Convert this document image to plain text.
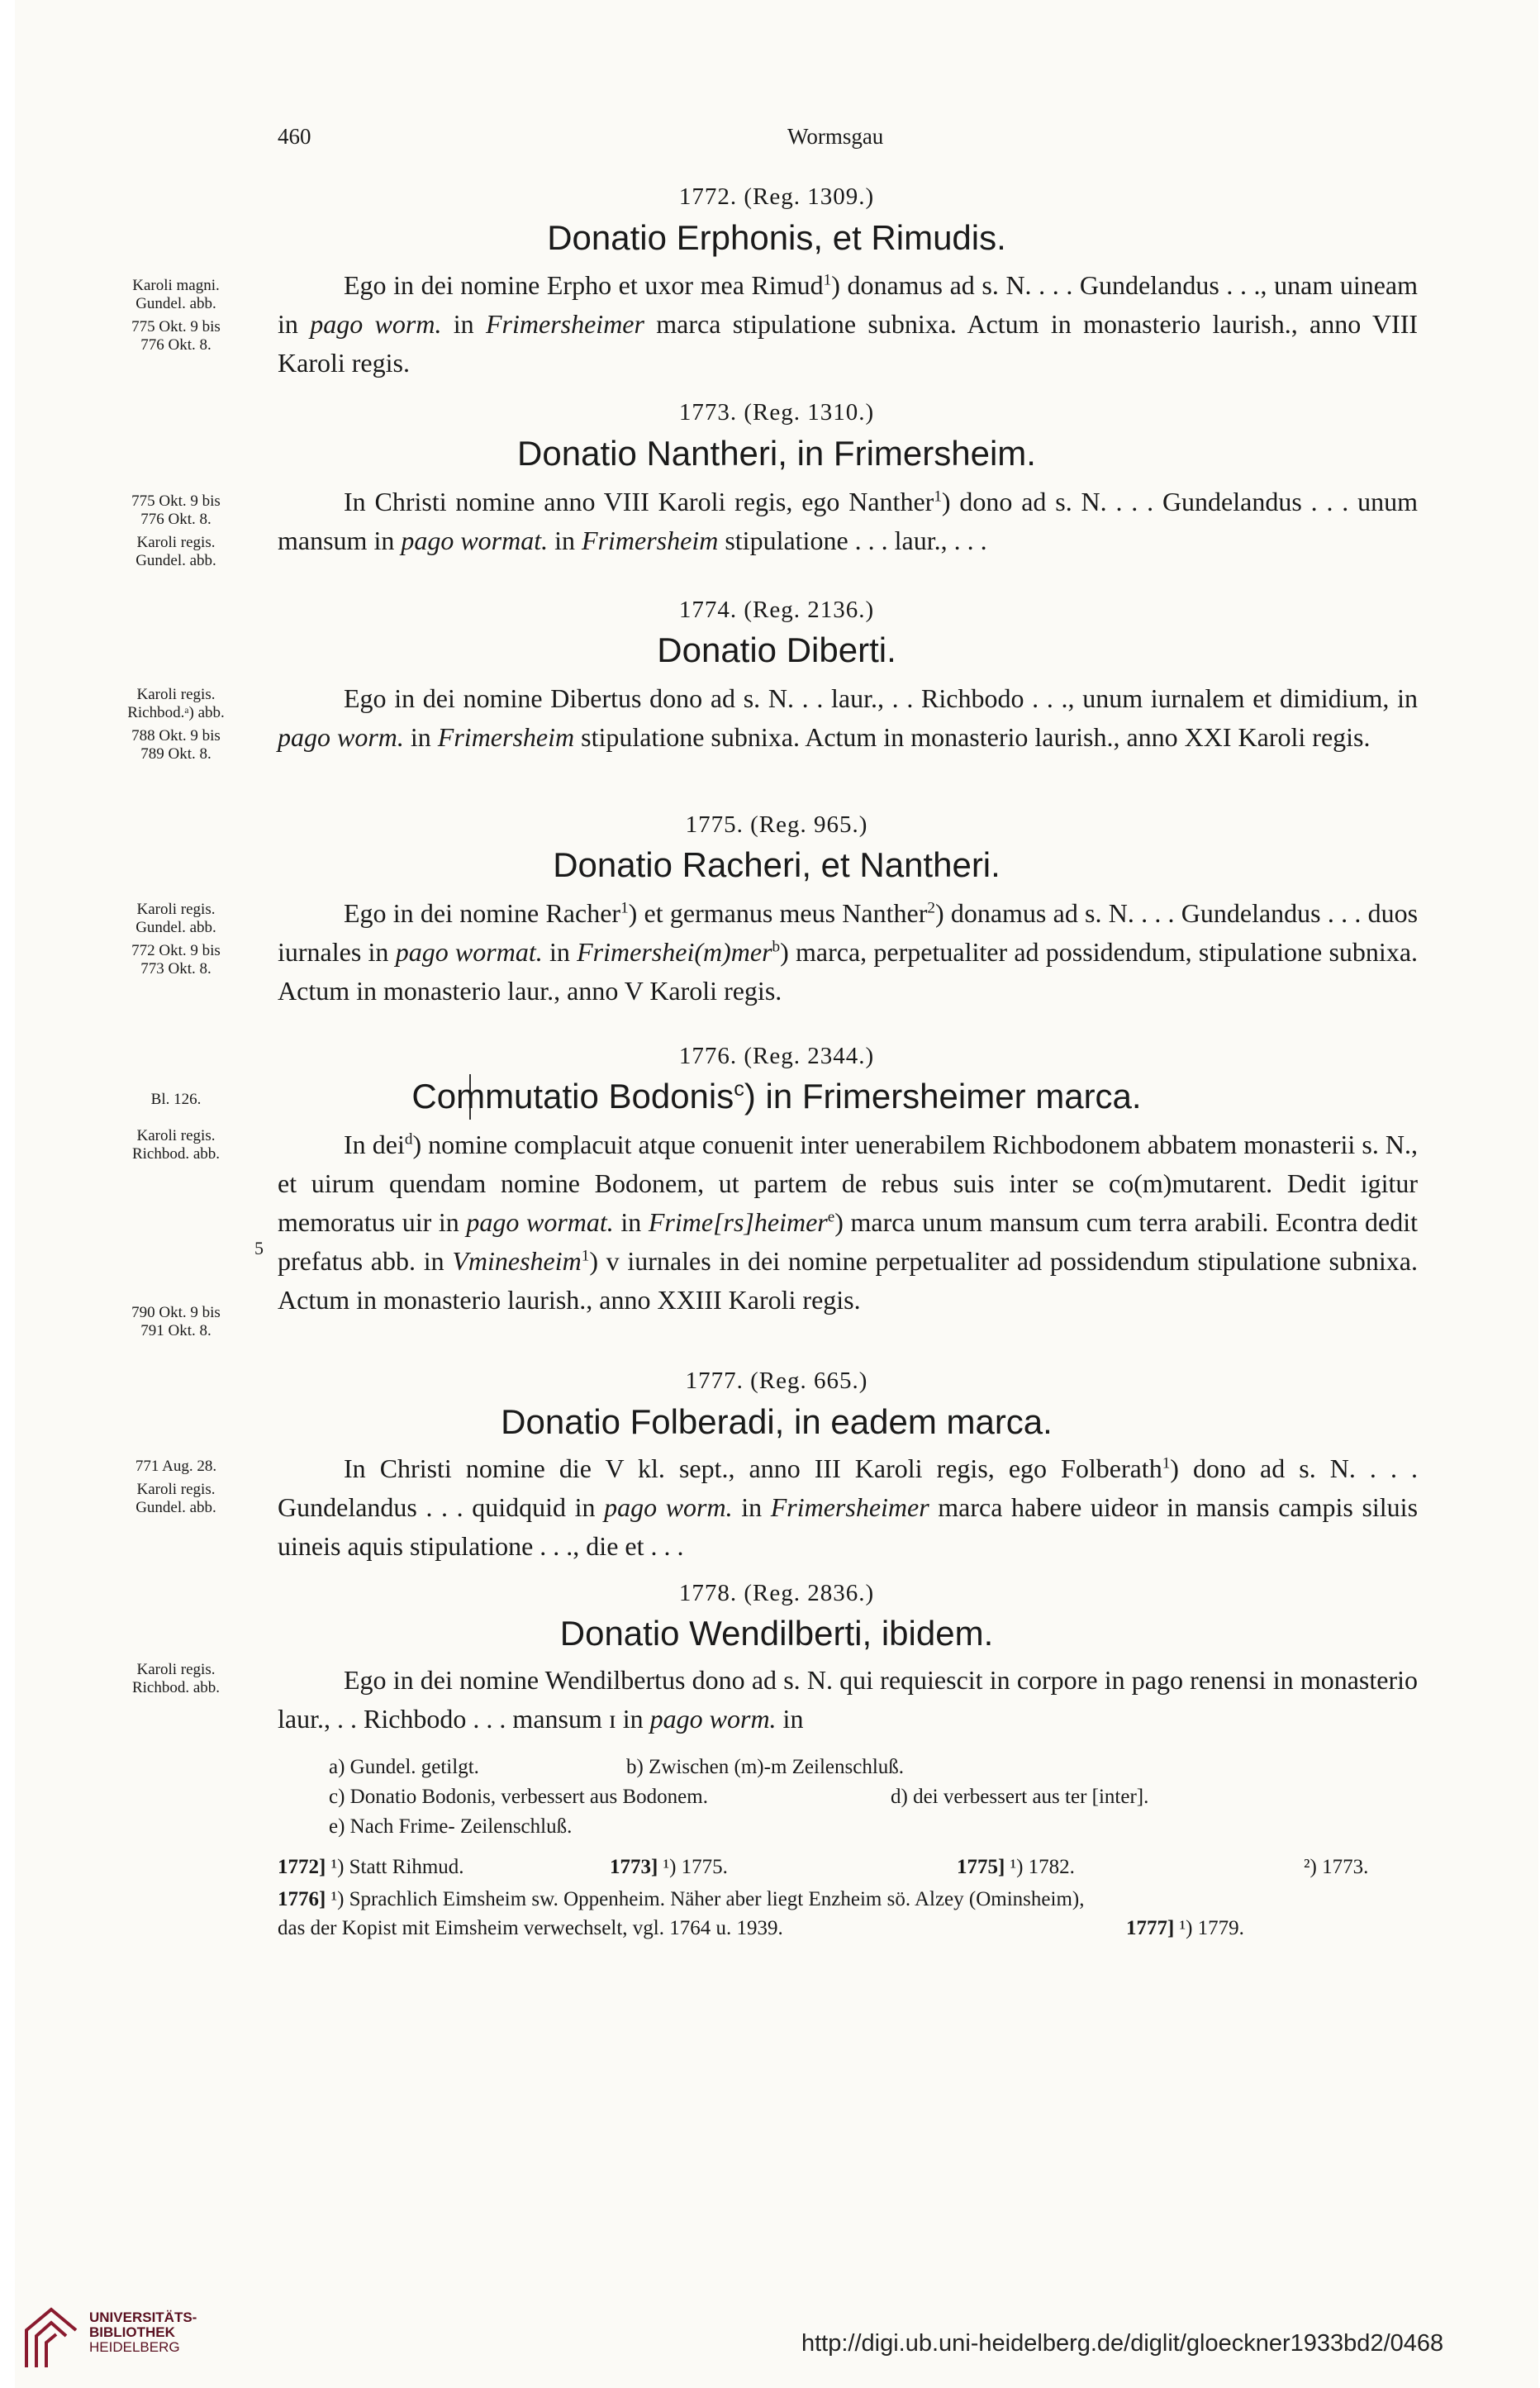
460	Wormsgau
1772. (Reg. 1309.)
Donatio Erphonis, et Rimudis.
Karoli magni.
Gundel. abb.
775 Okt. 9 bis
776 Okt. 8.

Ego in dei nomine Erpho et uxor mea Rimud$^1$) donamus ad s. N. . . . Gundelandus . . ., unam uineam in pago worm. in Frimersheimer marca stipulatione subnixa. Actum in monasterio laurish., anno VIII Karoli regis.

1773. (Reg. 1310.)
Donatio Nantheri, in Frimersheim.
775 Okt. 9 bis
776 Okt. 8.
Karoli regis.
Gundel. abb.

In Christi nomine anno VIII Karoli regis, ego Nanther$^1$) dono ad s. N. . . . Gundelandus . . . unum mansum in pago wormat. in Frimersheim stipulatione . . . laur., . . .

1774. (Reg. 2136.)
Donatio Diberti.
Karoli regis.
Richbod.ᵃ) abb.
788 Okt. 9 bis
789 Okt. 8.

Ego in dei nomine Dibertus dono ad s. N. . . laur., . . Richbodo . . ., unum iurnalem et dimidium, in pago worm. in Frimersheim stipulatione subnixa. Actum in monasterio laurish., anno XXI Karoli regis.

1775. (Reg. 965.)
Donatio Racheri, et Nantheri.
Karoli regis.
Gundel. abb.
772 Okt. 9 bis
773 Okt. 8.

Ego in dei nomine Racher$^1$) et germanus meus Nanther$^2$) donamus ad s. N. . . . Gundelandus . . . duos iurnales in pago wormat. in Frimershei(m)mer$^b$) marca, perpetualiter ad possidendum, stipulatione subnixa. Actum in monasterio laur., anno V Karoli regis.

1776. (Reg. 2344.)
Commutatio Bodonis$^c$) in Frimersheimer marca.
Bl. 126.
Karoli regis.
Richbod. abb.
790 Okt. 9 bis
791 Okt. 8.
5

In dei$^d$) nomine complacuit atque conuenit inter uenerabilem Richbodonem abbatem monasterii s. N., et uirum quendam nomine Bodonem, ut partem de rebus suis inter se co(m)mutarent. Dedit igitur memoratus uir in pago wormat. in Frime[rs]heimer$^e$) marca unum mansum cum terra arabili. Econtra dedit prefatus abb. in Vminesheim$^1$) v iurnales in dei nomine perpetualiter ad possidendum stipulatione subnixa. Actum in monasterio laurish., anno XXIII Karoli regis.

1777. (Reg. 665.)
Donatio Folberadi, in eadem marca.
771 Aug. 28.
Karoli regis.
Gundel. abb.

In Christi nomine die V kl. sept., anno III Karoli regis, ego Folberath$^1$) dono ad s. N. . . . Gundelandus . . . quidquid in pago worm. in Frimersheimer marca habere uideor in mansis campis siluis uineis aquis stipulatione . . ., die et . . .

1778. (Reg. 2836.)
Donatio Wendilberti, ibidem.
Karoli regis.
Richbod. abb.	Ego in dei nomine Wendilbertus dono ad s. N. qui requiescit in corpore in pago renensi in monasterio laur., . . Richbodo . . . mansum ɪ in pago worm. in

a) Gundel. getilgt.	b) Zwischen (m)-m Zeilenschluß.
c) Donatio Bodonis, verbessert aus Bodonem.	d) dei verbessert aus ter [inter].
e) Nach Frime- Zeilenschluß.
1772] ¹) Statt Rihmud.	1773] ¹) 1775.	1775] ¹) 1782.	²) 1773.
1776] ¹) Sprachlich Eimsheim sw. Oppenheim. Näher aber liegt Enzheim sö. Alzey (Ominsheim),
das der Kopist mit Eimsheim verwechselt, vgl. 1764 u. 1939.	1777] ¹) 1779.
UNIVERSITÄTS-
BIBLIOTHEK
HEIDELBERG	http://digi.ub.uni-heidelberg.de/diglit/gloeckner1933bd2/0468
